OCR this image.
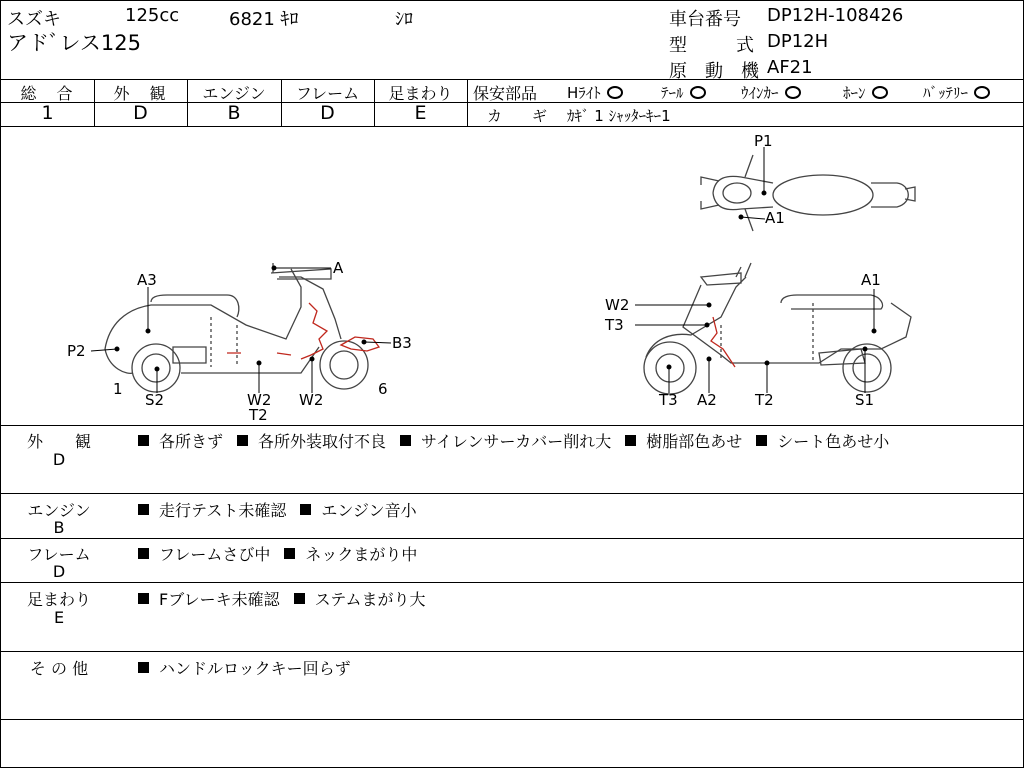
スズキ	125cc	6821 ｷﾛ	ｼﾛ
アドﾞレス125
車台番号 DP12H-108426
型	式 DP12H
原　動　機 AF21
総　合	外　観	エンジン	フレーム	足まわり
1	D	B	D	E
保安部品 Hﾗｲﾄ	ﾃｰﾙ	ｳｲﾝｶｰ	ﾎｰﾝ	ﾊﾞｯﾃﾘｰ
カ　　ギ ｶｷﾞ 1 ｼｬｯﾀｰｷｰ1
A
A3
P2	B3
1
S2	W2
T2
W2
6
P1
A1
A1
W2
T3
T3 A2	T2	S1
外　　観
D
各所きず 各所外装取付不良 サイレンサーカバー削れ大 樹脂部色あせ シート色あせ小
エンジン
B
走行テスト未確認 エンジン音小
フレーム
D
フレームさび中 ネックまがり中
足まわり
E
Fブレーキ未確認 ステムまがり大
そ の 他	ハンドルロックキー回らず
